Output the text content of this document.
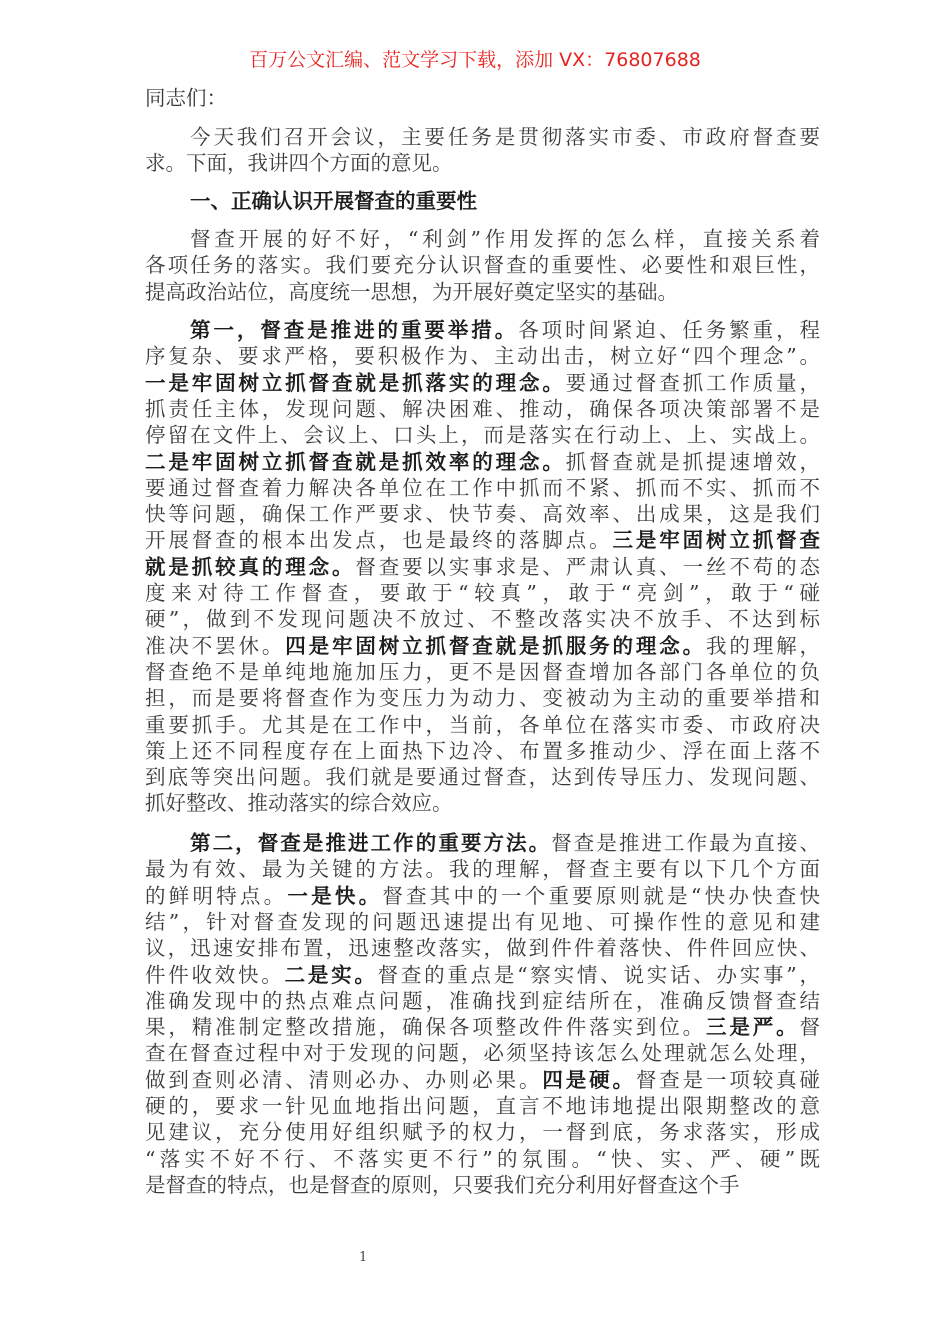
百万公文汇编、范文学习下载，添加 VX：76807688
同志们：
今天我们召开会议，主要任务是贯彻落实市委、市政府督查要
求。下面，我讲四个方面的意见。
一、正确认识开展督查的重要性
督查开展的好不好，“利剑”作用发挥的怎么样，直接关系着
各项任务的落实。我们要充分认识督查的重要性、必要性和艰巨性，
提高政治站位，高度统一思想，为开展好奠定坚实的基础。
第一，督查是推进的重要举措。各项时间紧迫、任务繁重，程
序复杂、要求严格，要积极作为、主动出击，树立好“四个理念”。
一是牢固树立抓督查就是抓落实的理念。要通过督查抓工作质量，
抓责任主体，发现问题、解决困难、推动，确保各项决策部署不是
停留在文件上、会议上、口头上，而是落实在行动上、上、实战上。
二是牢固树立抓督查就是抓效率的理念。抓督查就是抓提速增效，
要通过督查着力解决各单位在工作中抓而不紧、抓而不实、抓而不
快等问题，确保工作严要求、快节奏、高效率、出成果，这是我们
开展督查的根本出发点，也是最终的落脚点。三是牢固树立抓督查
就是抓较真的理念。督查要以实事求是、严肃认真、一丝不苟的态
度来对待工作督查，要敢于“较真”，敢于“亮剑”，敢于“碰
硬”，做到不发现问题决不放过、不整改落实决不放手、不达到标
准决不罢休。四是牢固树立抓督查就是抓服务的理念。我的理解，
督查绝不是单纯地施加压力，更不是因督查增加各部门各单位的负
担，而是要将督查作为变压力为动力、变被动为主动的重要举措和
重要抓手。尤其是在工作中，当前，各单位在落实市委、市政府决
策上还不同程度存在上面热下边冷、布置多推动少、浮在面上落不
到底等突出问题。我们就是要通过督查，达到传导压力、发现问题、
抓好整改、推动落实的综合效应。
第二，督查是推进工作的重要方法。督查是推进工作最为直接、
最为有效、最为关键的方法。我的理解，督查主要有以下几个方面
的鲜明特点。一是快。督查其中的一个重要原则就是“快办快查快
结”，针对督查发现的问题迅速提出有见地、可操作性的意见和建
议，迅速安排布置，迅速整改落实，做到件件着落快、件件回应快、
件件收效快。二是实。督查的重点是“察实情、说实话、办实事”，
准确发现中的热点难点问题，准确找到症结所在，准确反馈督查结
果，精准制定整改措施，确保各项整改件件落实到位。三是严。督
查在督查过程中对于发现的问题，必须坚持该怎么处理就怎么处理，
做到查则必清、清则必办、办则必果。四是硬。督查是一项较真碰
硬的，要求一针见血地指出问题，直言不地讳地提出限期整改的意
见建议，充分使用好组织赋予的权力，一督到底，务求落实，形成
“落实不好不行、不落实更不行”的氛围。“快、实、严、硬”既
是督查的特点，也是督查的原则，只要我们充分利用好督查这个手
1
